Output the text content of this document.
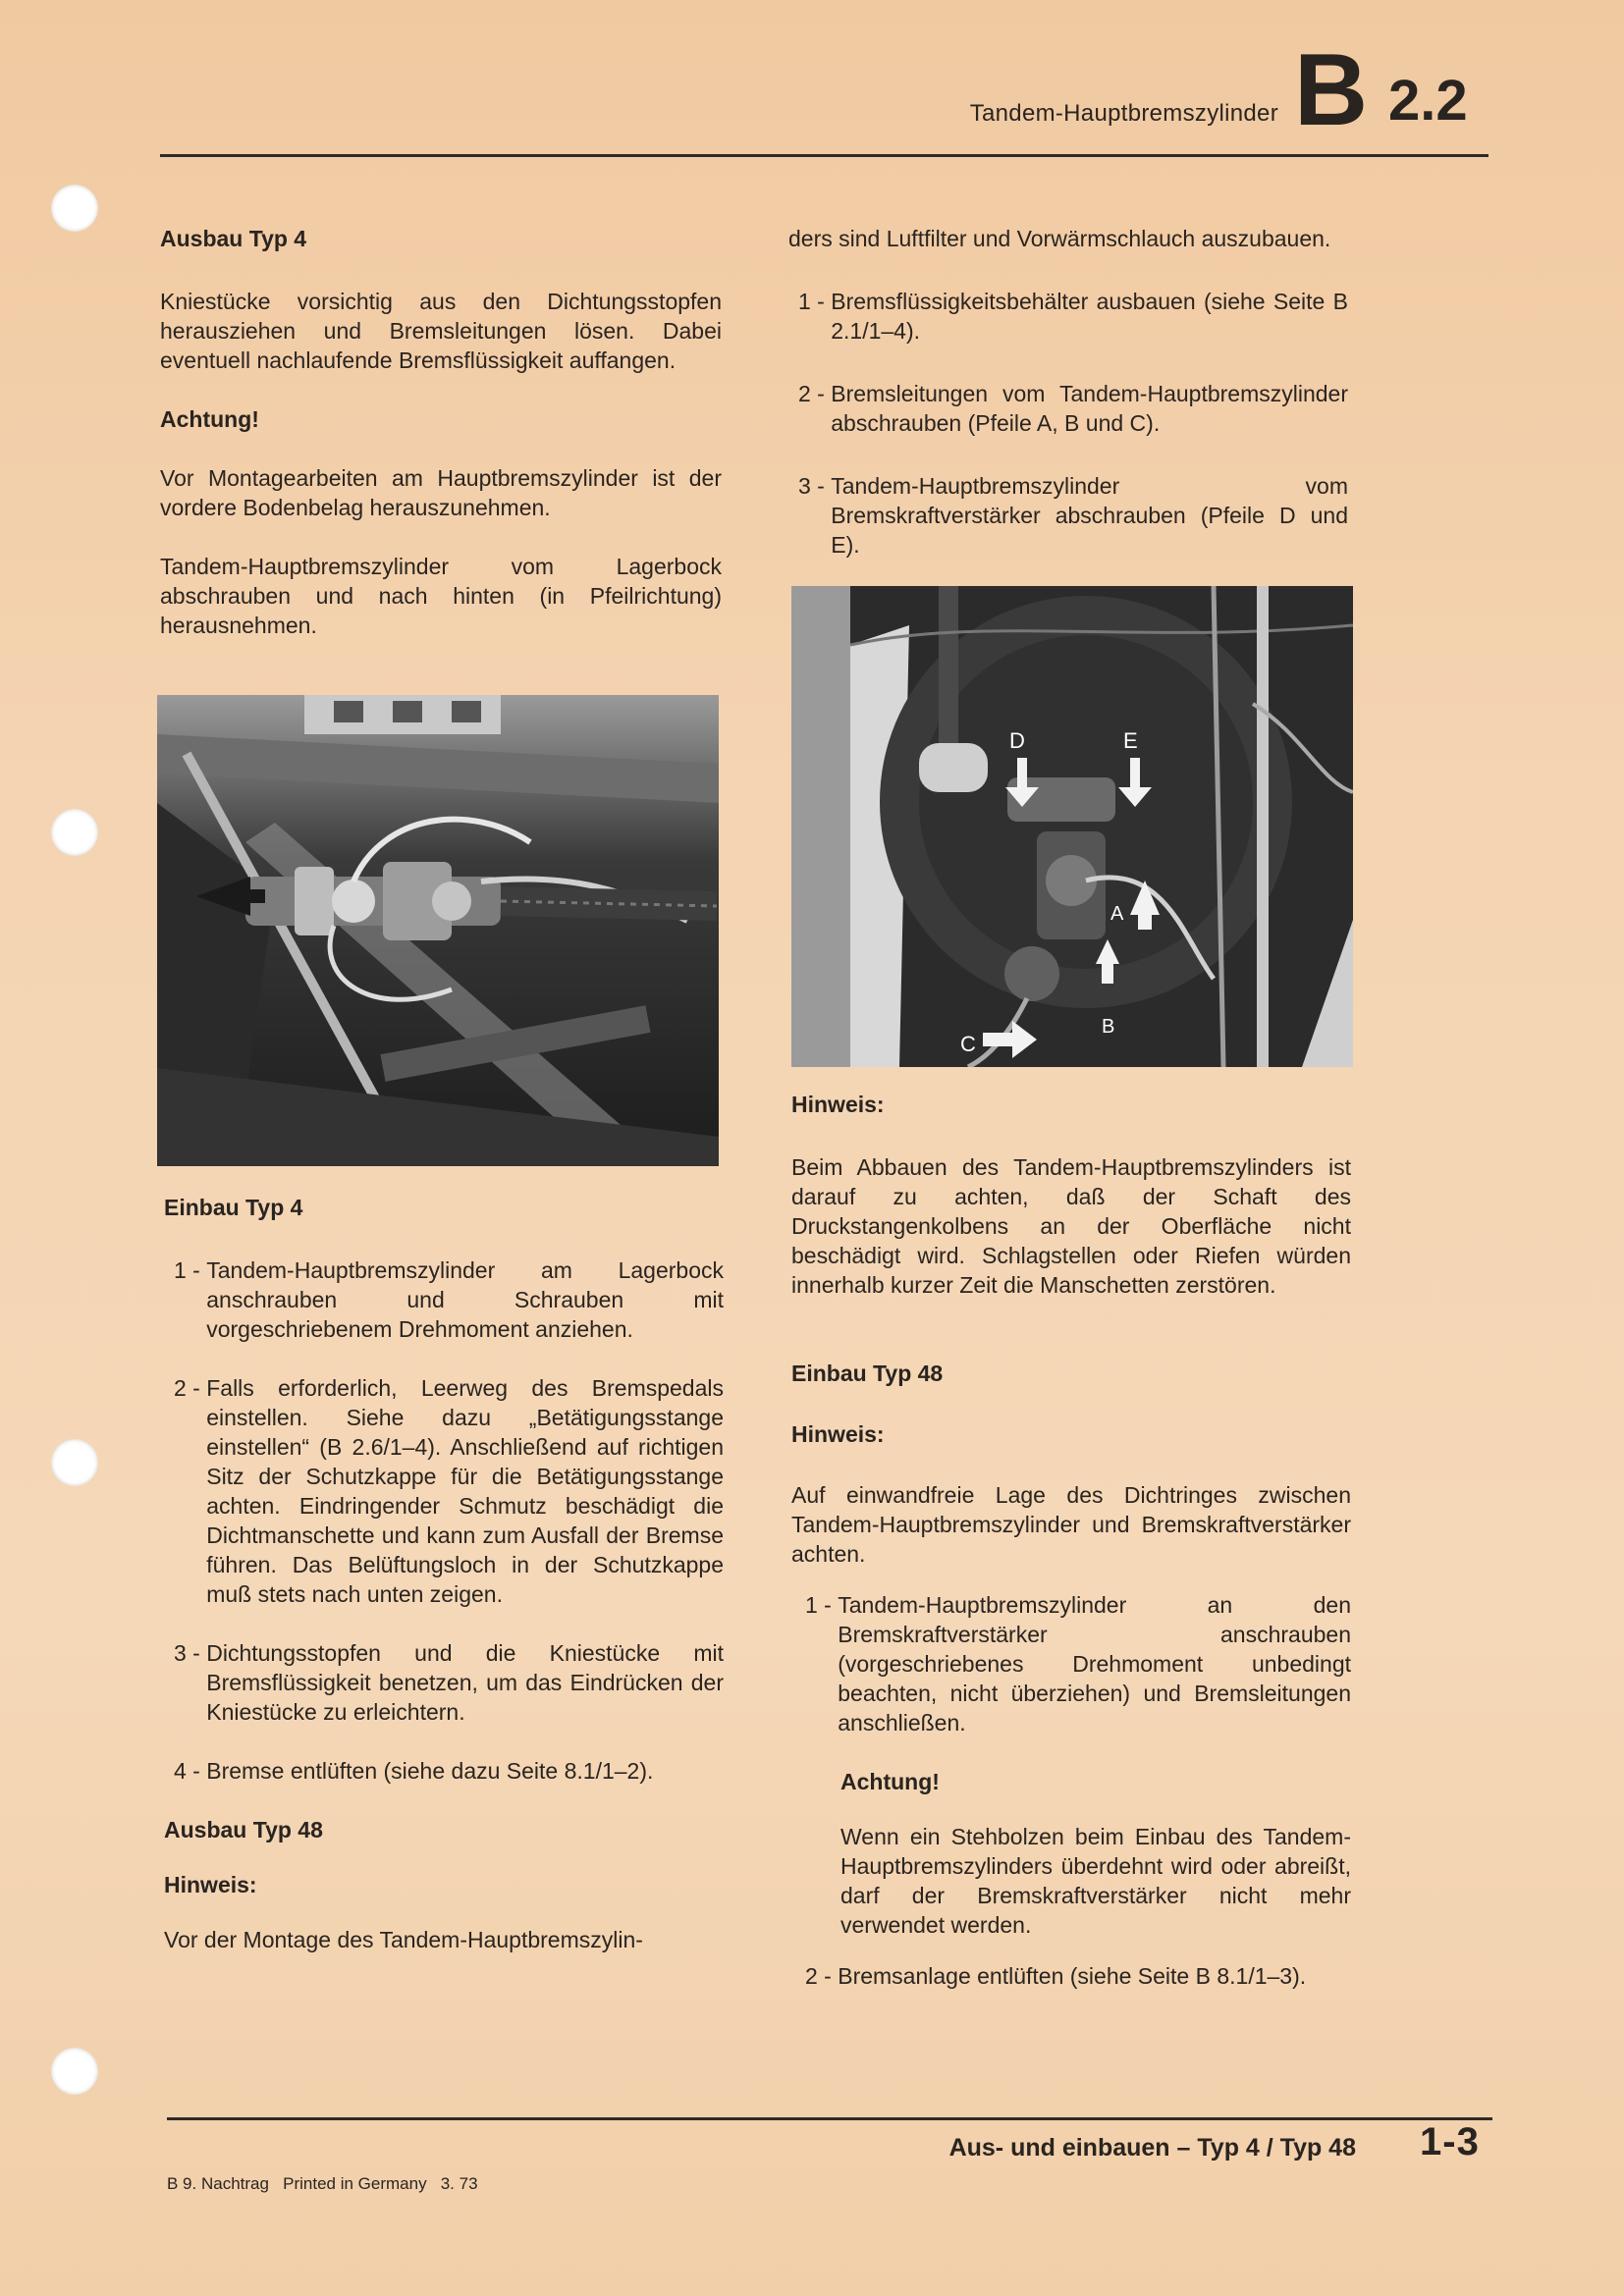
Tandem-Hauptbremszylinder B 2.2

Ausbau Typ 4

Kniestücke vorsichtig aus den Dichtungsstopfen herausziehen und Bremsleitungen lösen. Dabei eventuell nachlaufende Bremsflüssigkeit auffangen.

Achtung!

Vor Montagearbeiten am Hauptbremszylinder ist der vordere Bodenbelag herauszunehmen.

Tandem-Hauptbremszylinder vom Lagerbock abschrauben und nach hinten (in Pfeilrichtung) herausnehmen.

Einbau Typ 4

1 - Tandem-Hauptbremszylinder am Lagerbock anschrauben und Schrauben mit vorgeschriebenem Drehmoment anziehen.
2 - Falls erforderlich, Leerweg des Bremspedals einstellen. Siehe dazu „Betätigungsstange einstellen“ (B 2.6/1–4). Anschließend auf richtigen Sitz der Schutzkappe für die Betätigungsstange achten. Eindringender Schmutz beschädigt die Dichtmanschette und kann zum Ausfall der Bremse führen. Das Belüftungsloch in der Schutzkappe muß stets nach unten zeigen.
3 - Dichtungsstopfen und die Kniestücke mit Bremsflüssigkeit benetzen, um das Eindrücken der Kniestücke zu erleichtern.
4 - Bremse entlüften (siehe dazu Seite 8.1/1–2).

Ausbau Typ 48

Hinweis:

Vor der Montage des Tandem-Hauptbremszylin-

ders sind Luftfilter und Vorwärmschlauch auszubauen.

1 - Bremsflüssigkeitsbehälter ausbauen (siehe Seite B 2.1/1–4).
2 - Bremsleitungen vom Tandem-Hauptbremszylinder abschrauben (Pfeile A, B und C).
3 - Tandem-Hauptbremszylinder vom Bremskraftverstärker abschrauben (Pfeile D und E).
D	E
A
B
C

Hinweis:

Beim Abbauen des Tandem-Hauptbremszylinders ist darauf zu achten, daß der Schaft des Druckstangenkolbens an der Oberfläche nicht beschädigt wird. Schlagstellen oder Riefen würden innerhalb kurzer Zeit die Manschetten zerstören.

Einbau Typ 48

Hinweis:

Auf einwandfreie Lage des Dichtringes zwischen Tandem-Hauptbremszylinder und Bremskraftverstärker achten.

1 - Tandem-Hauptbremszylinder an den Bremskraftverstärker anschrauben (vorgeschriebenes Drehmoment unbedingt beachten, nicht überziehen) und Bremsleitungen anschließen.

Achtung!

Wenn ein Stehbolzen beim Einbau des Tandem-Hauptbremszylinders überdehnt wird oder abreißt, darf der Bremskraftverstärker nicht mehr verwendet werden.

2 - Bremsanlage entlüften (siehe Seite B 8.1/1–3).
Aus- und einbauen – Typ 4 / Typ 48 1-3
B 9. Nachtrag   Printed in Germany   3. 73
